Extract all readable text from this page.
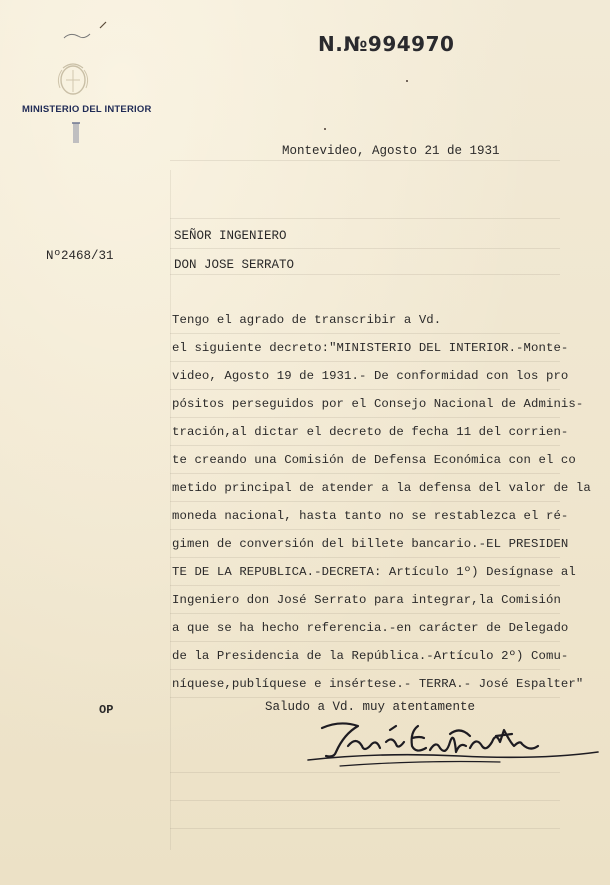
MINISTERIO DEL INTERIOR
N.№994970
Montevideo, Agosto 21 de 1931
Nº2468/31
SEÑOR INGENIERO
DON JOSE SERRATO
Tengo el agrado de transcribir a Vd.
el siguiente decreto:"MINISTERIO DEL INTERIOR.-Monte-
video, Agosto 19 de 1931.- De conformidad con los pro
pósitos perseguidos por el Consejo Nacional de Adminis-
tración,al dictar el decreto de fecha 11 del corrien-
te creando una Comisión de Defensa Económica con el co
metido principal de atender a la defensa del valor de la
moneda nacional, hasta tanto no se restablezca el ré-
gimen de conversión del billete bancario.-EL PRESIDEN
TE DE LA REPUBLICA.-DECRETA: Artículo 1º) Desígnase al
Ingeniero don José Serrato para integrar,la Comisión
a que se ha hecho referencia.-en carácter de Delegado
de la Presidencia de la República.-Artículo 2º) Comu-
níquese,publíquese e insértese.- TERRA.- José Espalter"
OP	Saludo a Vd. muy atentamente
